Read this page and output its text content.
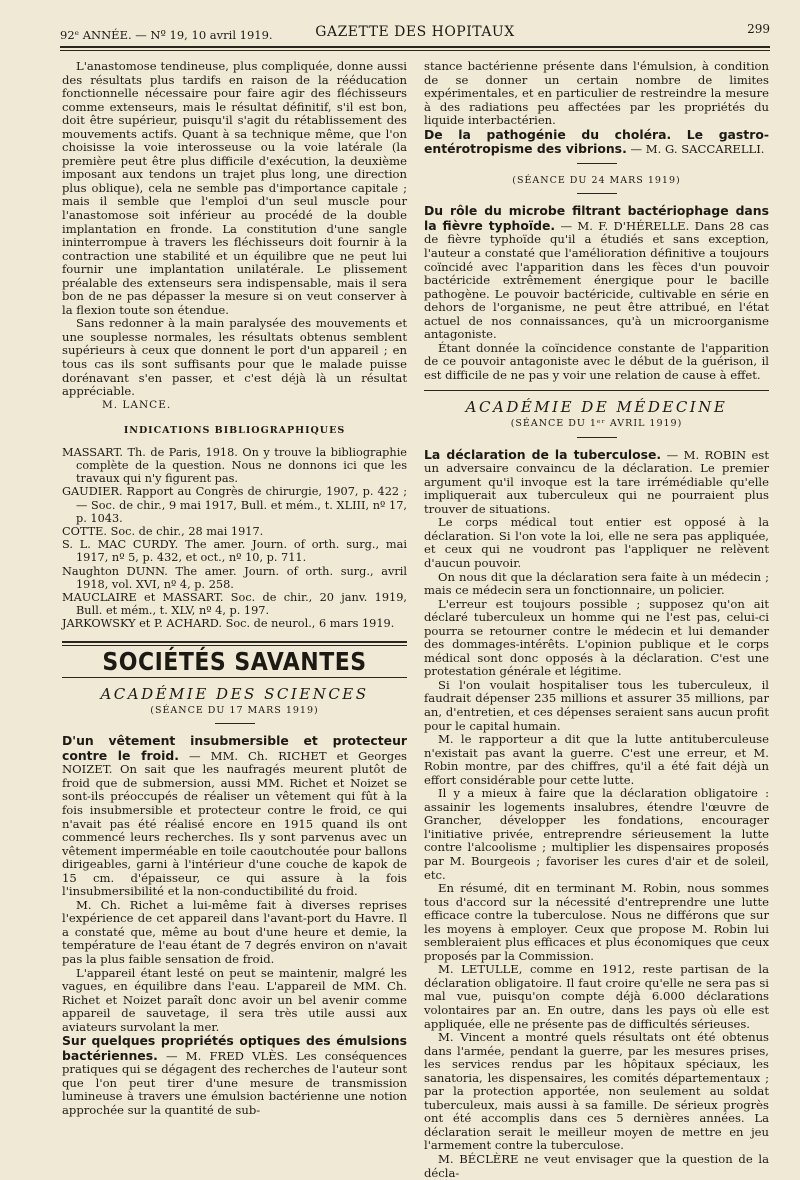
92ᵉ ANNÉE. — Nº 19, 10 avril 1919.	GAZETTE DES HOPITAUX	299

L'anastomose tendineuse, plus compliquée, donne aussi des résultats plus tardifs en raison de la rééducation fonctionnelle nécessaire pour faire agir des fléchisseurs comme extenseurs, mais le résultat définitif, s'il est bon, doit être supérieur, puisqu'il s'agit du rétablissement des mouvements actifs. Quant à sa technique même, que l'on choisisse la voie interosseuse ou la voie latérale (la première peut être plus difficile d'exécution, la deuxième imposant aux tendons un trajet plus long, une direction plus oblique), cela ne semble pas d'importance capitale ; mais il semble que l'emploi d'un seul muscle pour l'anastomose soit inférieur au procédé de la double implantation en fronde. La constitution d'une sangle ininterrompue à travers les fléchisseurs doit fournir à la contraction une stabilité et un équilibre que ne peut lui fournir une implantation unilatérale. Le plissement préalable des extenseurs sera indispensable, mais il sera bon de ne pas dépasser la mesure si on veut conserver à la flexion toute son étendue.

Sans redonner à la main paralysée des mouvements et une souplesse normales, les résultats obtenus semblent supérieurs à ceux que donnent le port d'un appareil ; en tous cas ils sont suffisants pour que le malade puisse dorénavant s'en passer, et c'est déjà là un résultat appréciable.

M. LANCE.
INDICATIONS BIBLIOGRAPHIQUES

MASSART. Th. de Paris, 1918. On y trouve la bibliographie complète de la question. Nous ne donnons ici que les travaux qui n'y figurent pas.

GAUDIER. Rapport au Congrès de chirurgie, 1907, p. 422 ; — Soc. de chir., 9 mai 1917, Bull. et mém., t. XLIII, nº 17, p. 1043.

COTTE. Soc. de chir., 28 mai 1917.

S. L. MAC CURDY. The amer. Journ. of orth. surg., mai 1917, nº 5, p. 432, et oct., nº 10, p. 711.

Naughton DUNN. The amer. Journ. of orth. surg., avril 1918, vol. XVI, nº 4, p. 258.

MAUCLAIRE et MASSART. Soc. de chir., 20 janv. 1919, Bull. et mém., t. XLV, nº 4, p. 197.

JARKOWSKY et P. ACHARD. Soc. de neurol., 6 mars 1919.

SOCIÉTÉS SAVANTES
ACADÉMIE DES SCIENCES
(SÉANCE DU 17 MARS 1919)

D'un vêtement insubmersible et protecteur contre le froid. — MM. Ch. RICHET et Georges NOIZET. On sait que les naufragés meurent plutôt de froid que de submersion, aussi MM. Richet et Noizet se sont-ils préoccupés de réaliser un vêtement qui fût à la fois insubmersible et protecteur contre le froid, ce qui n'avait pas été réalisé encore en 1915 quand ils ont commencé leurs recherches. Ils y sont parvenus avec un vêtement imperméable en toile caoutchoutée pour ballons dirigeables, garni à l'intérieur d'une couche de kapok de 15 cm. d'épaisseur, ce qui assure à la fois l'insubmersibilité et la non-conductibilité du froid.

M. Ch. Richet a lui-même fait à diverses reprises l'expérience de cet appareil dans l'avant-port du Havre. Il a constaté que, même au bout d'une heure et demie, la température de l'eau étant de 7 degrés environ on n'avait pas la plus faible sensation de froid.

L'appareil étant lesté on peut se maintenir, malgré les vagues, en équilibre dans l'eau. L'appareil de MM. Ch. Richet et Noizet paraît donc avoir un bel avenir comme appareil de sauvetage, il sera très utile aussi aux aviateurs survolant la mer.

Sur quelques propriétés optiques des émulsions bactériennes. — M. FRED VLÈS. Les conséquences pratiques qui se dégagent des recherches de l'auteur sont que l'on peut tirer d'une mesure de transmission lumineuse à travers une émulsion bactérienne une notion approchée sur la quantité de sub-

stance bactérienne présente dans l'émulsion, à condition de se donner un certain nombre de limites expérimentales, et en particulier de restreindre la mesure à des radiations peu affectées par les propriétés du liquide interbactérien.

De la pathogénie du choléra. Le gastro-entérotropisme des vibrions. — M. G. SACCARELLI.

(SÉANCE DU 24 MARS 1919)

Du rôle du microbe filtrant bactériophage dans la fièvre typhoïde. — M. F. D'HÉRELLE. Dans 28 cas de fièvre typhoïde qu'il a étudiés et sans exception, l'auteur a constaté que l'amélioration définitive a toujours coïncidé avec l'apparition dans les fèces d'un pouvoir bactéricide extrêmement énergique pour le bacille pathogène. Le pouvoir bactéricide, cultivable en série en dehors de l'organisme, ne peut être attribué, en l'état actuel de nos connaissances, qu'à un microorganisme antagoniste.

Étant donnée la coïncidence constante de l'apparition de ce pouvoir antagoniste avec le début de la guérison, il est difficile de ne pas y voir une relation de cause à effet.

ACADÉMIE DE MÉDECINE
(SÉANCE DU 1ᵉʳ AVRIL 1919)

La déclaration de la tuberculose. — M. ROBIN est un adversaire convaincu de la déclaration. Le premier argument qu'il invoque est la tare irrémédiable qu'elle impliquerait aux tuberculeux qui ne pourraient plus trouver de situations.

Le corps médical tout entier est opposé à la déclaration. Si l'on vote la loi, elle ne sera pas appliquée, et ceux qui ne voudront pas l'appliquer ne relèvent d'aucun pouvoir.

On nous dit que la déclaration sera faite à un médecin ; mais ce médecin sera un fonctionnaire, un policier.

L'erreur est toujours possible ; supposez qu'on ait déclaré tuberculeux un homme qui ne l'est pas, celui-ci pourra se retourner contre le médecin et lui demander des dommages-intérêts. L'opinion publique et le corps médical sont donc opposés à la déclaration. C'est une protestation générale et légitime.

Si l'on voulait hospitaliser tous les tuberculeux, il faudrait dépenser 235 millions et assurer 35 millions, par an, d'entretien, et ces dépenses seraient sans aucun profit pour le capital humain.

M. le rapporteur a dit que la lutte antituberculeuse n'existait pas avant la guerre. C'est une erreur, et M. Robin montre, par des chiffres, qu'il a été fait déjà un effort considérable pour cette lutte.

Il y a mieux à faire que la déclaration obligatoire : assainir les logements insalubres, étendre l'œuvre de Grancher, développer les fondations, encourager l'initiative privée, entreprendre sérieusement la lutte contre l'alcoolisme ; multiplier les dispensaires proposés par M. Bourgeois ; favoriser les cures d'air et de soleil, etc.

En résumé, dit en terminant M. Robin, nous sommes tous d'accord sur la nécessité d'entreprendre une lutte efficace contre la tuberculose. Nous ne différons que sur les moyens à employer. Ceux que propose M. Robin lui sembleraient plus efficaces et plus économiques que ceux proposés par la Commission.

M. LETULLE, comme en 1912, reste partisan de la déclaration obligatoire. Il faut croire qu'elle ne sera pas si mal vue, puisqu'on compte déjà 6.000 déclarations volontaires par an. En outre, dans les pays où elle est appliquée, elle ne présente pas de difficultés sérieuses.

M. Vincent a montré quels résultats ont été obtenus dans l'armée, pendant la guerre, par les mesures prises, les services rendus par les hôpitaux spéciaux, les sanatoria, les dispensaires, les comités départementaux ; par la protection apportée, non seulement au soldat tuberculeux, mais aussi à sa famille. De sérieux progrès ont été accomplis dans ces 5 dernières années. La déclaration serait le meilleur moyen de mettre en jeu l'armement contre la tuberculose.

M. BÉCLÈRE ne veut envisager que la question de la décla-
